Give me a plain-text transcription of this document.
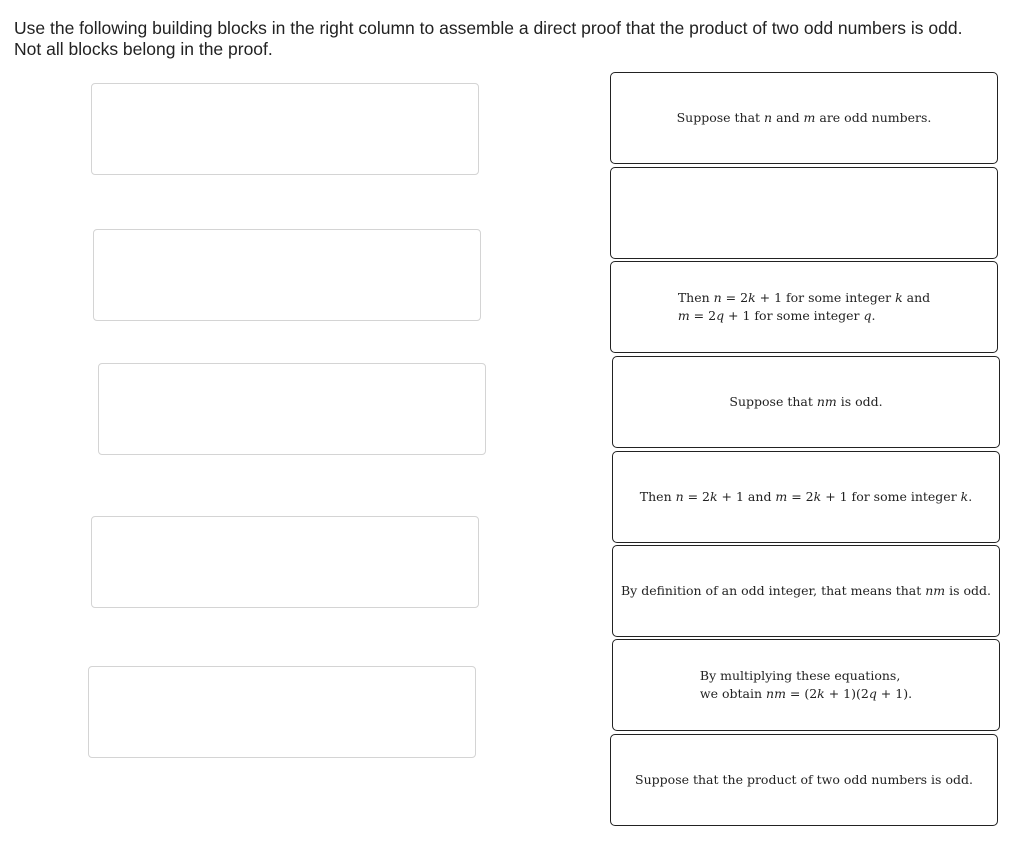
Use the following building blocks in the right column to assemble a direct proof that the product of two odd numbers is odd.
Not all blocks belong in the proof.
Suppose that 𝑛 and 𝑚 are odd numbers.
Then 𝑛 = 2𝑘 + 1 for some integer 𝑘 and
𝑚 = 2𝑞 + 1 for some integer 𝑞.
Suppose that 𝑛𝑚 is odd.
Then 𝑛 = 2𝑘 + 1 and 𝑚 = 2𝑘 + 1 for some integer 𝑘.
By definition of an odd integer, that means that 𝑛𝑚 is odd.
By multiplying these equations,
we obtain 𝑛𝑚 = (2𝑘 + 1)(2𝑞 + 1).
Suppose that the product of two odd numbers is odd.
